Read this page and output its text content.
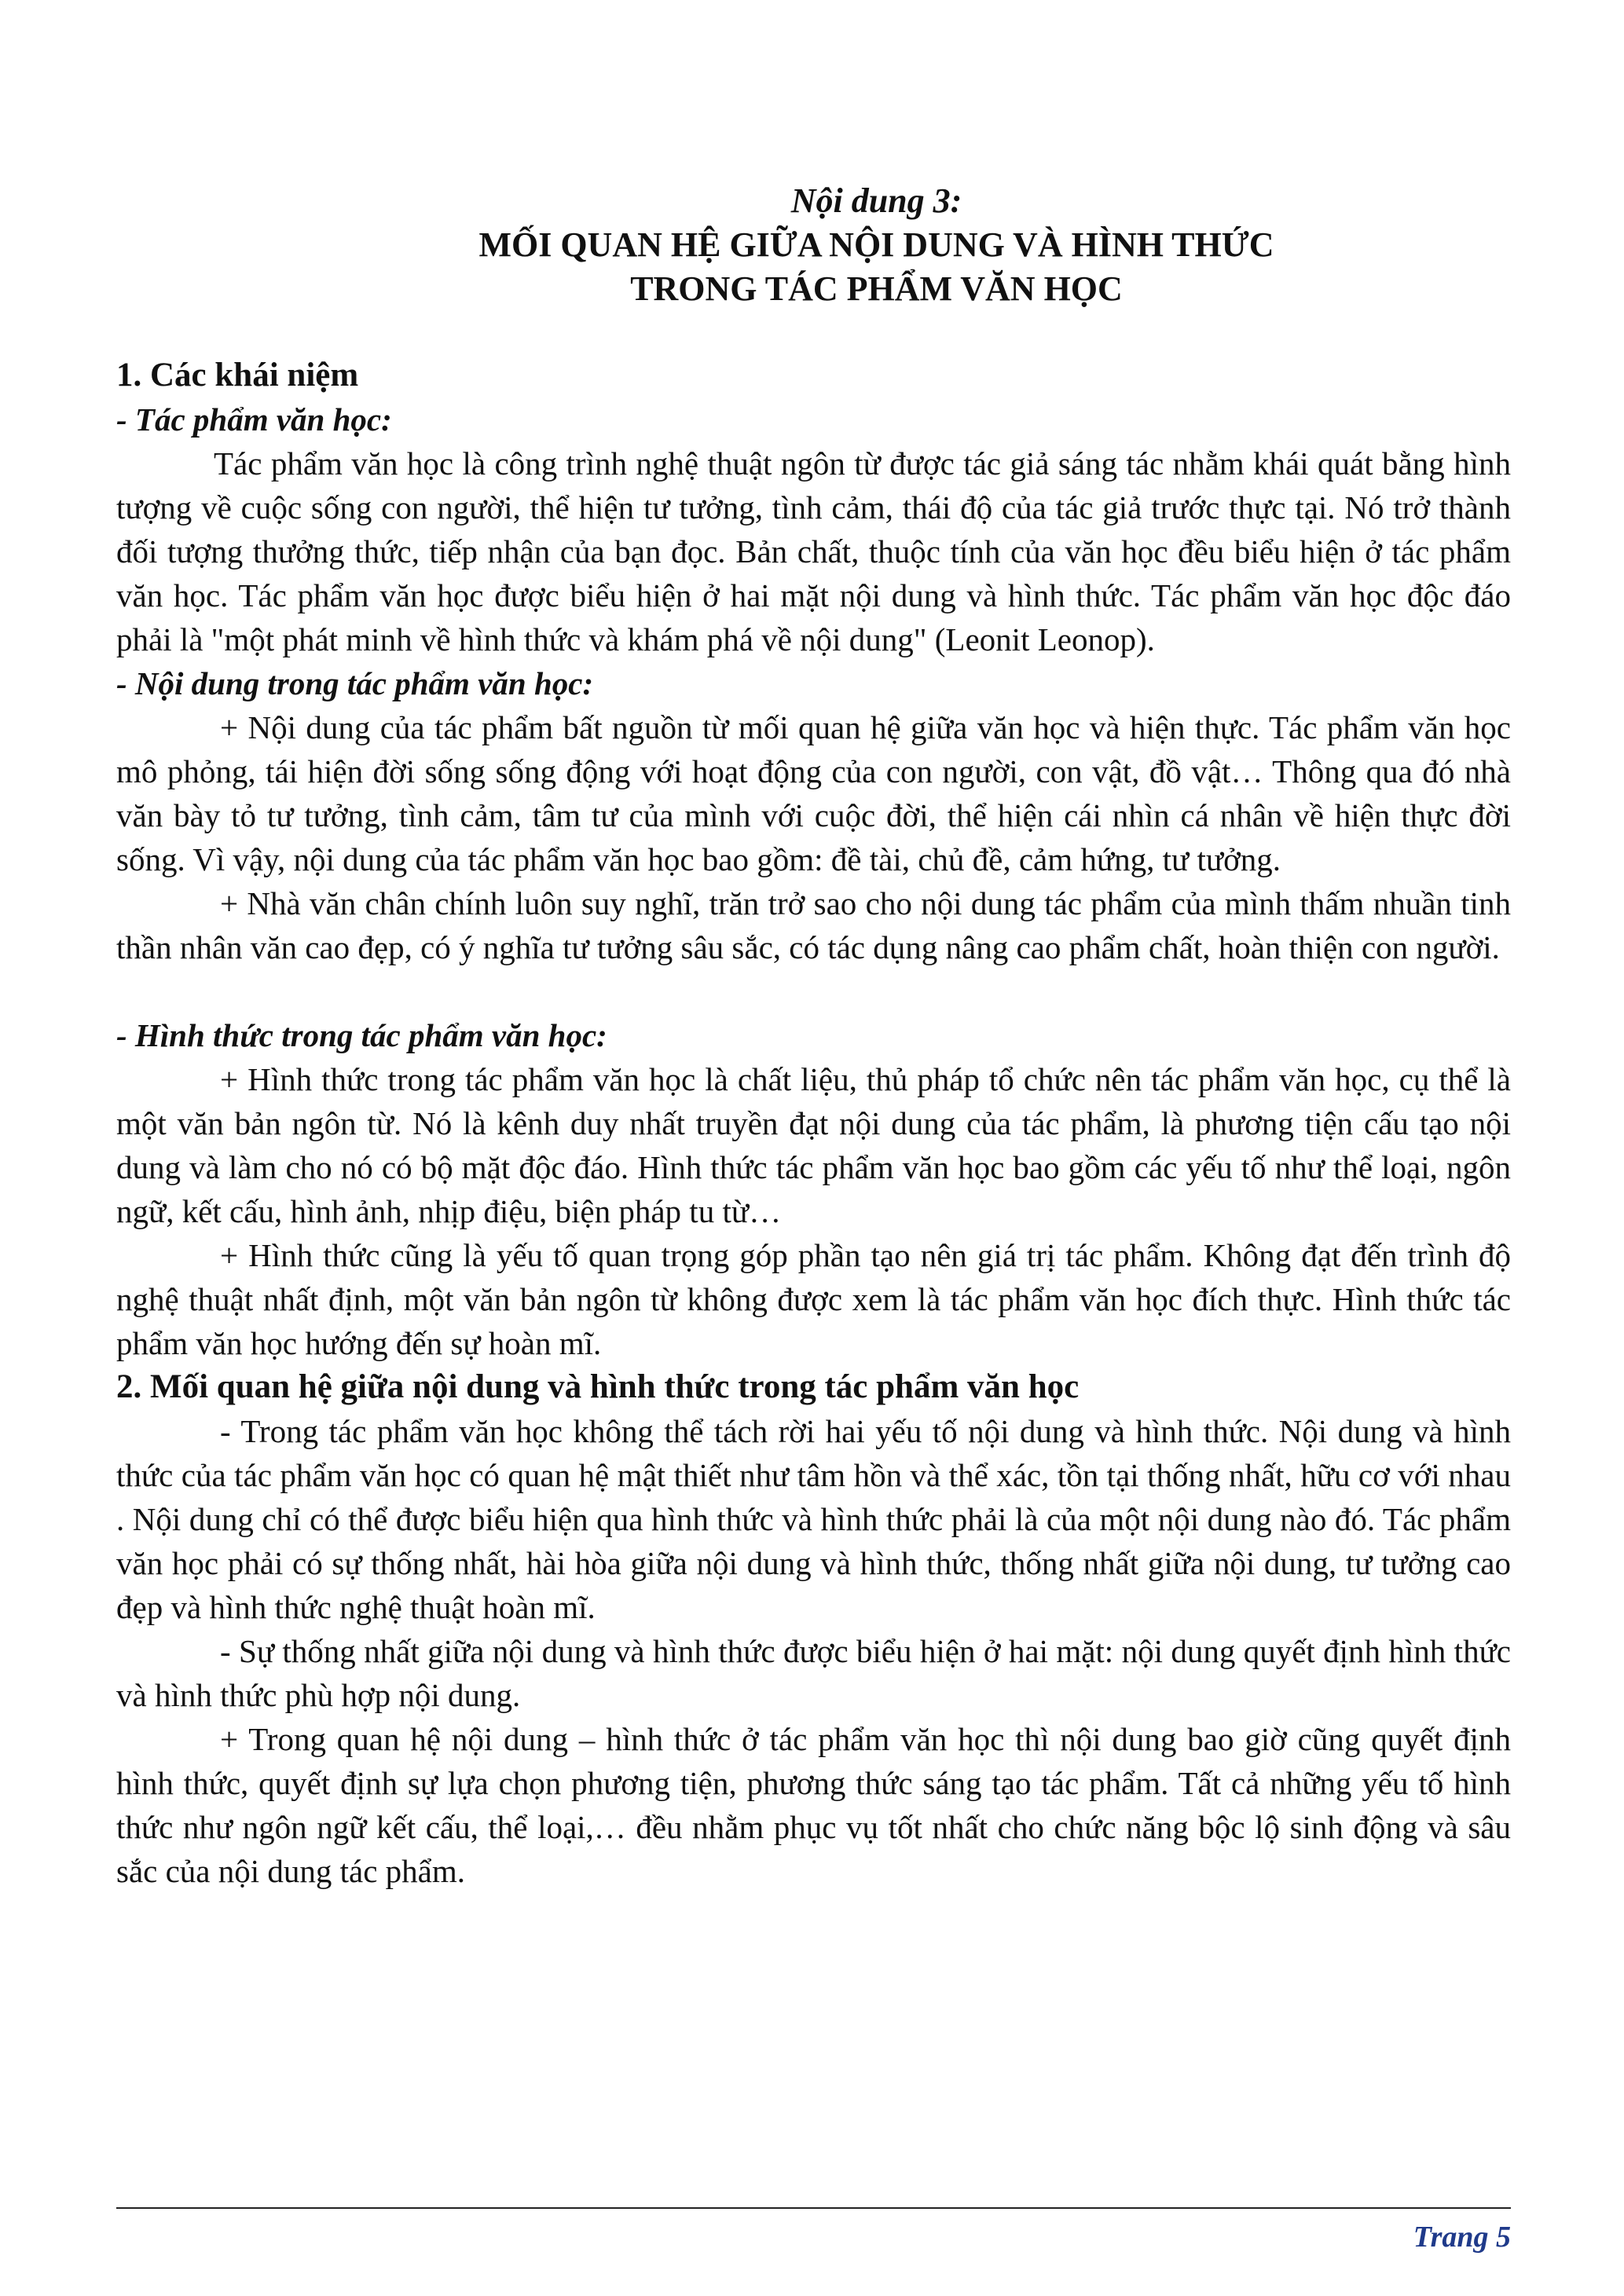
Nội dung 3:
MỐI QUAN HỆ GIỮA NỘI DUNG VÀ HÌNH THỨC
TRONG TÁC PHẨM VĂN HỌC

1. Các khái niệm

- Tác phẩm văn học:

Tác phẩm văn học là công trình nghệ thuật ngôn từ được tác giả sáng tác nhằm khái quát bằng hình tượng về cuộc sống con người, thể hiện tư tưởng, tình cảm, thái độ của tác giả trước thực tại. Nó trở thành đối tượng thưởng thức, tiếp nhận của bạn đọc. Bản chất, thuộc tính của văn học đều biểu hiện ở tác phẩm văn học. Tác phẩm văn học được biểu hiện ở hai mặt nội dung và hình thức. Tác phẩm văn học độc đáo phải là "một phát minh về hình thức và khám phá về nội dung" (Leonit Leonop).

- Nội dung trong tác phẩm văn học:

+ Nội dung của tác phẩm bất nguồn từ mối quan hệ giữa văn học và hiện thực. Tác phẩm văn học mô phỏng, tái hiện đời sống sống động với hoạt động của con người, con vật, đồ vật… Thông qua đó nhà văn bày tỏ tư tưởng, tình cảm, tâm tư của mình với cuộc đời, thể hiện cái nhìn cá nhân về hiện thực đời sống. Vì vậy, nội dung của tác phẩm văn học bao gồm: đề tài, chủ đề, cảm hứng, tư tưởng.

+ Nhà văn chân chính luôn suy nghĩ, trăn trở sao cho nội dung tác phẩm của mình thấm nhuần tinh thần nhân văn cao đẹp, có ý nghĩa tư tưởng sâu sắc, có tác dụng nâng cao phẩm chất, hoàn thiện con người.

- Hình thức trong tác phẩm văn học:

+ Hình thức trong tác phẩm văn học là chất liệu, thủ pháp tổ chức nên tác phẩm văn học, cụ thể là một văn bản ngôn từ. Nó là kênh duy nhất truyền đạt nội dung của tác phẩm, là phương tiện cấu tạo nội dung và làm cho nó có bộ mặt độc đáo. Hình thức tác phẩm văn học bao gồm các yếu tố như thể loại, ngôn ngữ, kết cấu, hình ảnh, nhịp điệu, biện pháp tu từ…

+ Hình thức cũng là yếu tố quan trọng góp phần tạo nên giá trị tác phẩm. Không đạt đến trình độ nghệ thuật nhất định, một văn bản ngôn từ không được xem là tác phẩm văn học đích thực. Hình thức tác phẩm văn học hướng đến sự hoàn mĩ.

2. Mối quan hệ giữa nội dung và hình thức trong tác phẩm văn học

- Trong tác phẩm văn học không thể tách rời hai yếu tố nội dung và hình thức. Nội dung và hình thức của tác phẩm văn học có quan hệ mật thiết như tâm hồn và thể xác, tồn tại thống nhất, hữu cơ với nhau . Nội dung chỉ có thể được biểu hiện qua hình thức và hình thức phải là của một nội dung nào đó. Tác phẩm văn học phải có sự thống nhất, hài hòa giữa nội dung và hình thức, thống nhất giữa nội dung, tư tưởng cao đẹp và hình thức nghệ thuật hoàn mĩ.

- Sự thống nhất giữa nội dung và hình thức được biểu hiện ở hai mặt: nội dung quyết định hình thức và hình thức phù hợp nội dung.

+ Trong quan hệ nội dung – hình thức ở tác phẩm văn học thì nội dung bao giờ cũng quyết định hình thức, quyết định sự lựa chọn phương tiện, phương thức sáng tạo tác phẩm. Tất cả những yếu tố hình thức như ngôn ngữ kết cấu, thể loại,… đều nhằm phục vụ tốt nhất cho chức năng bộc lộ sinh động và sâu sắc của nội dung tác phẩm.

Trang 5
